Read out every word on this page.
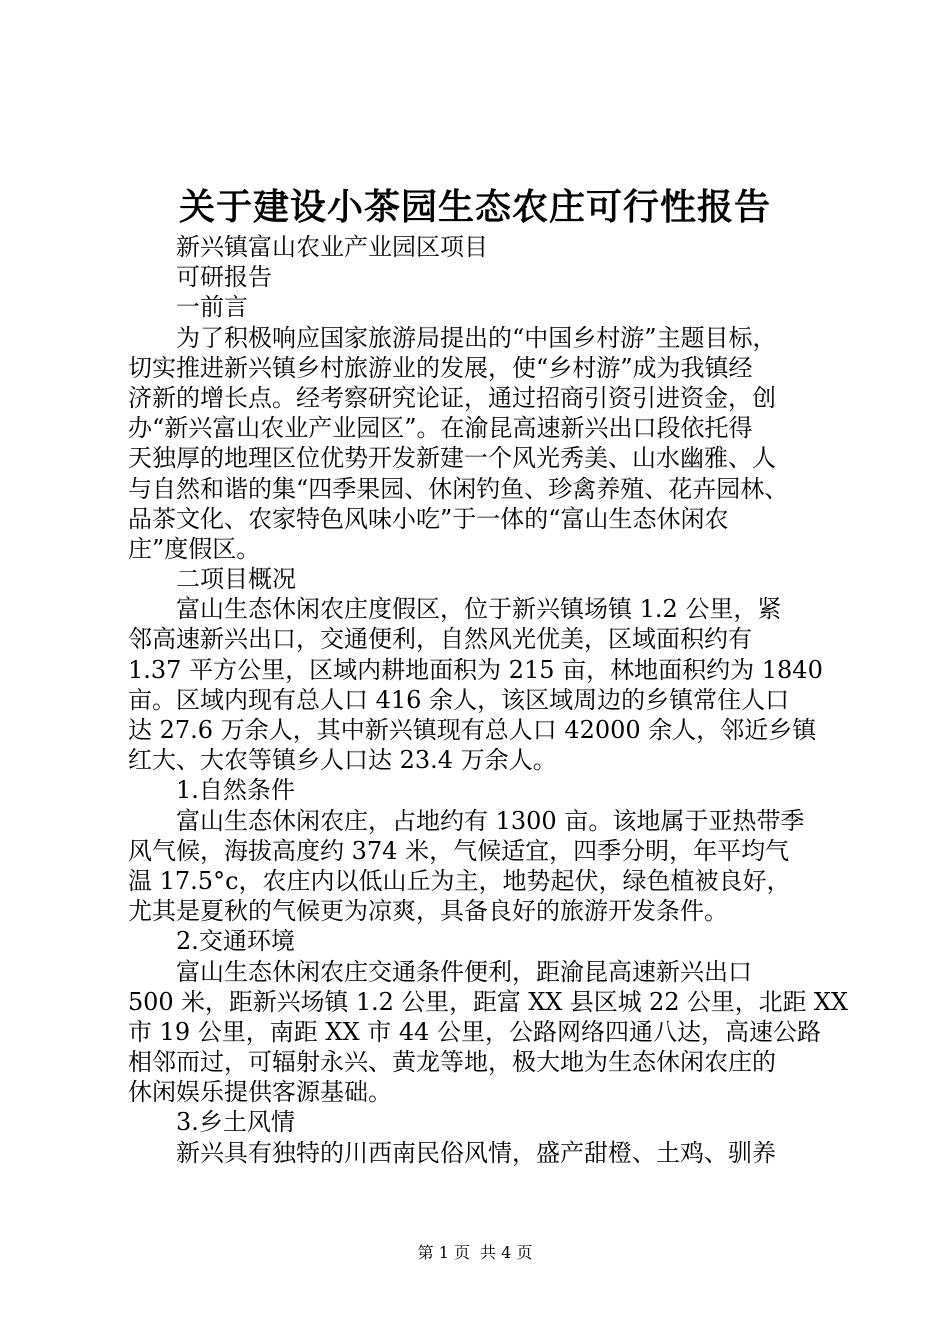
关于建设小茶园生态农庄可行性报告
新兴镇富山农业产业园区项目
可研报告
一前言
为了积极响应国家旅游局提出的“中国乡村游”主题目标，
切实推进新兴镇乡村旅游业的发展，使“乡村游”成为我镇经
济新的增长点。经考察研究论证，通过招商引资引进资金，创
办“新兴富山农业产业园区”。在渝昆高速新兴出口段依托得
天独厚的地理区位优势开发新建一个风光秀美、山水幽雅、人
与自然和谐的集“四季果园、休闲钓鱼、珍禽养殖、花卉园林、
品茶文化、农家特色风味小吃”于一体的“富山生态休闲农
庄”度假区。
二项目概况
富山生态休闲农庄度假区，位于新兴镇场镇 1.2 公里，紧
邻高速新兴出口，交通便利，自然风光优美，区域面积约有
1.37 平方公里，区域内耕地面积为 215 亩，林地面积约为 1840
亩。区域内现有总人口 416 余人，该区域周边的乡镇常住人口
达 27.6 万余人，其中新兴镇现有总人口 42000 余人，邻近乡镇
红大、大农等镇乡人口达 23.4 万余人。
1.自然条件
富山生态休闲农庄，占地约有 1300 亩。该地属于亚热带季
风气候，海拔高度约 374 米，气候适宜，四季分明，年平均气
温 17.5°c，农庄内以低山丘为主，地势起伏，绿色植被良好，
尤其是夏秋的气候更为凉爽，具备良好的旅游开发条件。
2.交通环境
富山生态休闲农庄交通条件便利，距渝昆高速新兴出口
500 米，距新兴场镇 1.2 公里，距富 XX 县区城 22 公里，北距 XX
市 19 公里，南距 XX 市 44 公里，公路网络四通八达，高速公路
相邻而过，可辐射永兴、黄龙等地，极大地为生态休闲农庄的
休闲娱乐提供客源基础。
3.乡土风情
新兴具有独特的川西南民俗风情，盛产甜橙、土鸡、驯养
第 1 页 共 4 页
